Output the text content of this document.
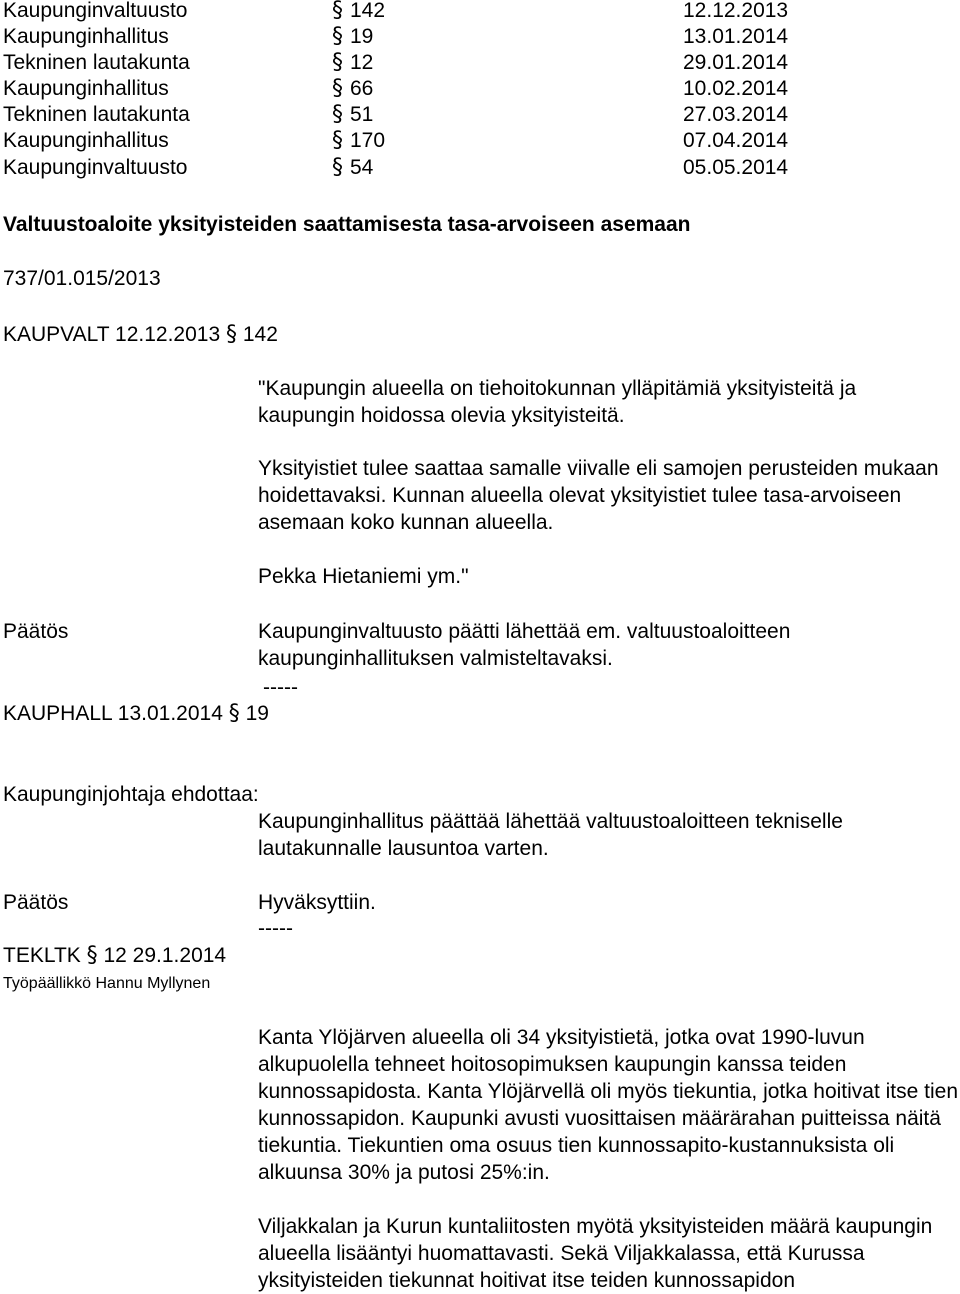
Kaupunginvaltuusto	§ 142	12.12.2013
Kaupunginhallitus	§ 19	13.01.2014
Tekninen lautakunta	§ 12	29.01.2014
Kaupunginhallitus	§ 66	10.02.2014
Tekninen lautakunta	§ 51	27.03.2014
Kaupunginhallitus	§ 170	07.04.2014
Kaupunginvaltuusto	§ 54	05.05.2014
Valtuustoaloite yksityisteiden saattamisesta tasa-arvoiseen asemaan
737/01.015/2013
KAUPVALT 12.12.2013 § 142
"Kaupungin alueella on tiehoitokunnan ylläpitämiä yksityisteitä ja kaupungin hoidossa olevia yksityisteitä.
Yksityistiet tulee saattaa samalle viivalle eli samojen perusteiden mukaan hoidettavaksi. Kunnan alueella olevat yksityistiet tulee tasa-arvoiseen asemaan koko kunnan alueella.
Pekka Hietaniemi ym."
Päätös	Kaupunginvaltuusto päätti lähettää em. valtuustoaloitteen kaupunginhallituksen valmisteltavaksi.
-----
KAUPHALL 13.01.2014 § 19
Kaupunginjohtaja ehdottaa:
Kaupunginhallitus päättää lähettää valtuustoaloitteen tekniselle lautakunnalle lausuntoa varten.
Päätös	Hyväksyttiin.
-----
TEKLTK § 12 29.1.2014
Työpäällikkö Hannu Myllynen
Kanta Ylöjärven alueella oli 34 yksityistietä, jotka ovat 1990-luvun alkupuolella tehneet hoitosopimuksen kaupungin kanssa teiden kunnossapidosta. Kanta Ylöjärvellä oli myös tiekuntia, jotka hoitivat itse tien kunnossapidon. Kaupunki avusti vuosittaisen määrärahan puitteissa näitä tiekuntia. Tiekuntien oma osuus tien kunnossapito-kustannuksista oli alkuunsa 30% ja putosi 25%:in.
Viljakkalan ja Kurun kuntaliitosten myötä yksityisteiden määrä kaupungin alueella lisääntyi huomattavasti. Sekä Viljakkalassa, että Kurussa yksityisteiden tiekunnat hoitivat itse teiden kunnossapidon
